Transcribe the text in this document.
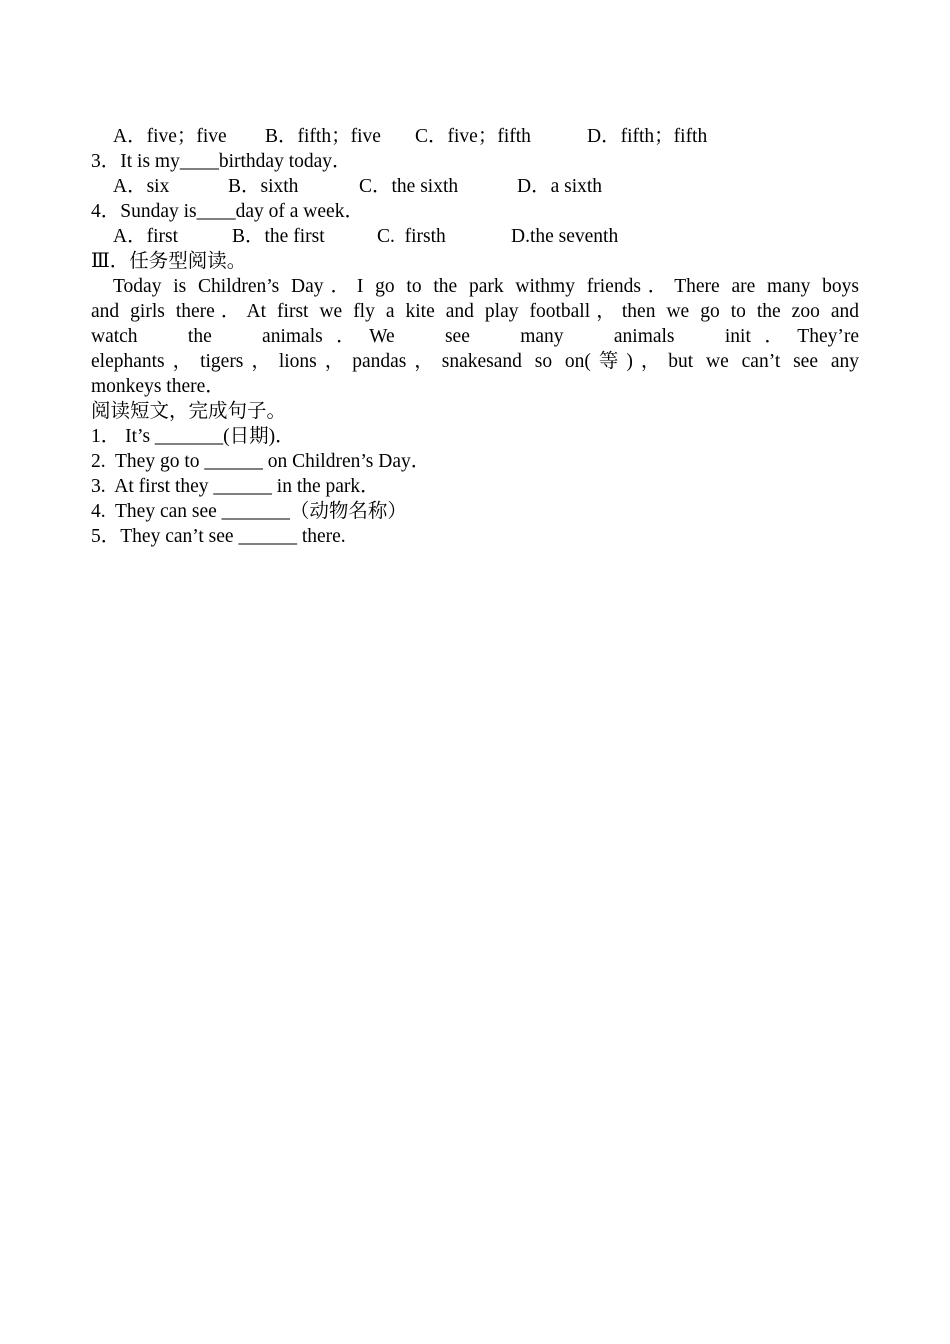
A．five；five	B．fifth；five	C．five；fifth	D．fifth；fifth
3．It is my____birthday today．
A．six	B．sixth	C．the sixth	D．a sixth
4．Sunday is____day of a week．
A．first	B．the first	C.  firsth	D.the seventh
Ⅲ．任务型阅读。
Today is Children’s Day．I go to the park withmy friends．There are many boys
and girls there．At first we fly a kite and play football，then we go to the zoo and
watch the animals．We see many animals init．They’re
elephants，tigers，lions，pandas，snakesand so on(等)，but we can’t see any
monkeys there．
阅读短文，完成句子。
1． It’s _______(日期)．
2.  They go to ______ on Children’s Day．
3.  At first they ______ in the park．
4.  They can see _______（动物名称）
5．They can’t see ______ there.
